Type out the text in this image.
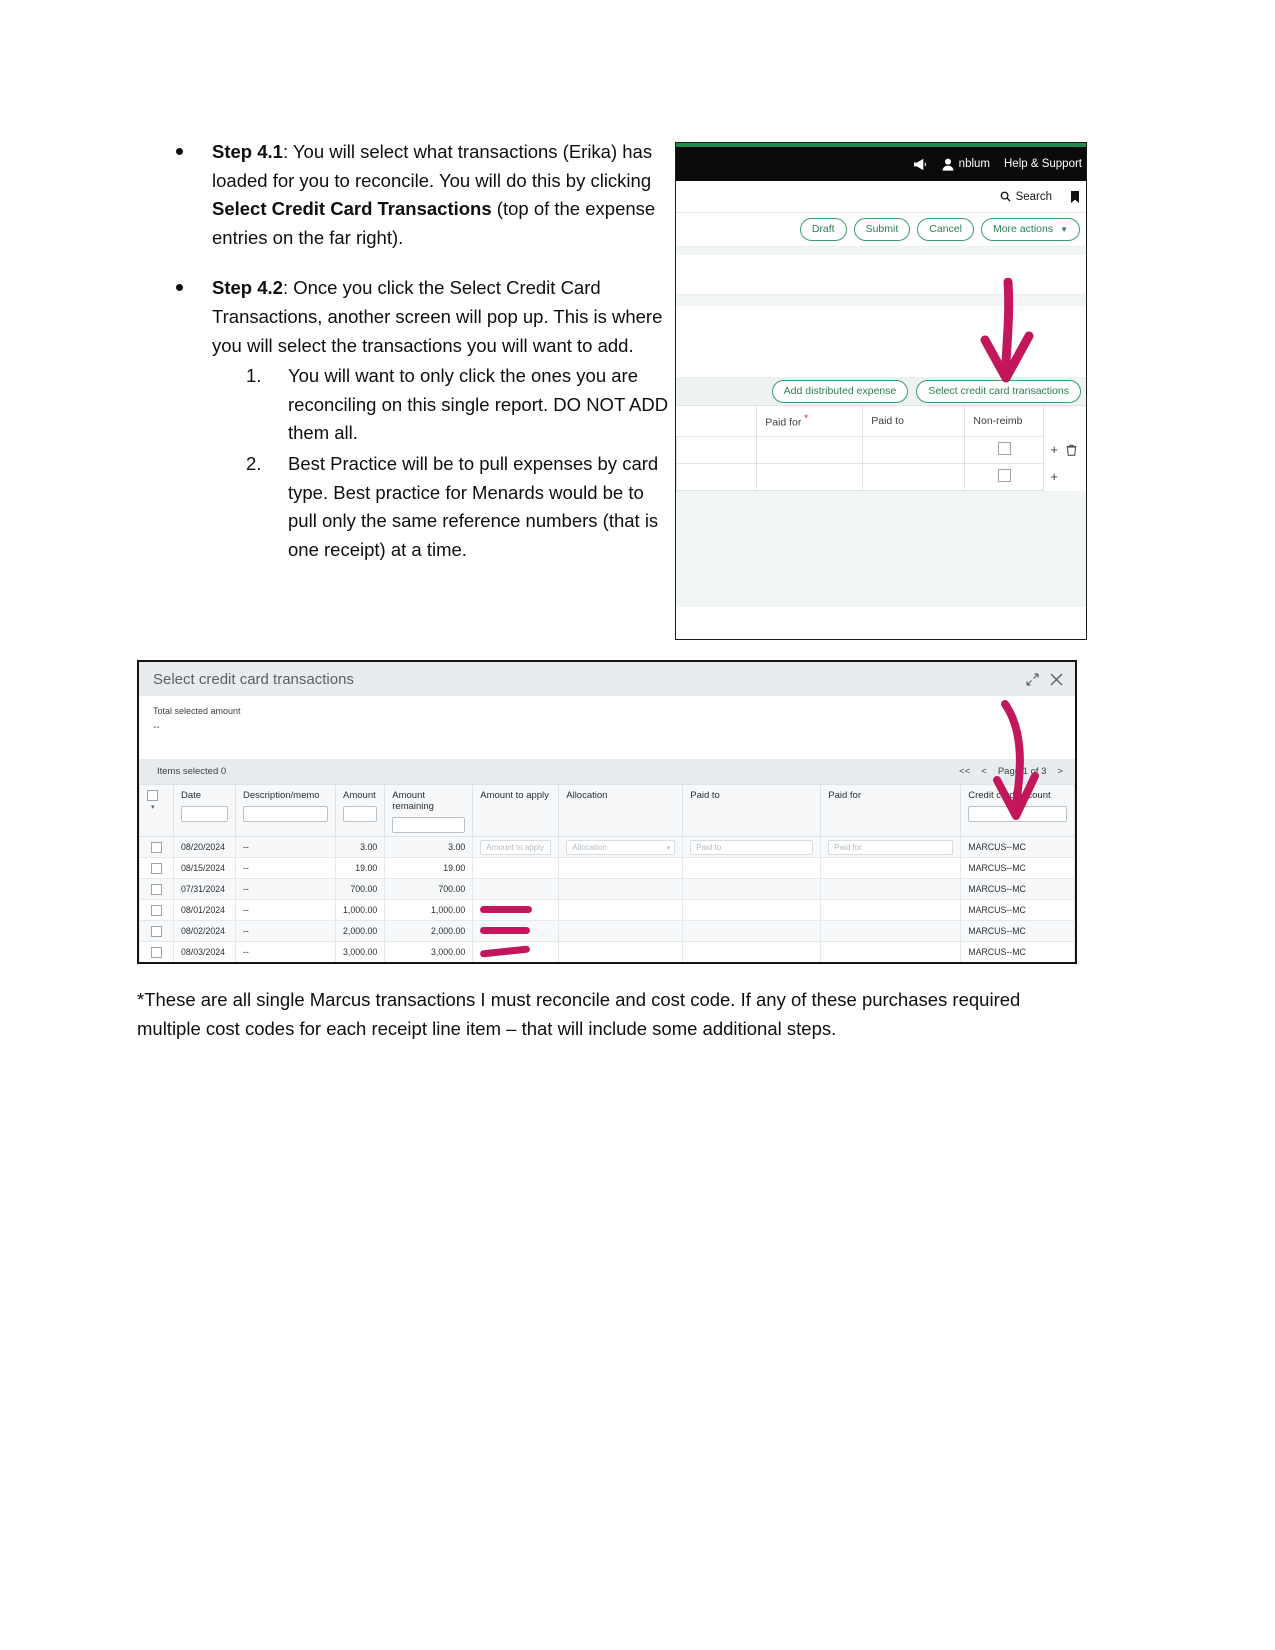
Step 4.1: You will select what transactions (Erika) has loaded for you to reconcile. You will do this by clicking Select Credit Card Transactions (top of the expense entries on the far right).
Step 4.2: Once you click the Select Credit Card Transactions, another screen will pop up. This is where you will select the transactions you will want to add.
1.	You will want to only click the ones you are reconciling on this single report. DO NOT ADD them all.
2.	Best Practice will be to pull expenses by card type. Best practice for Menards would be to pull only the same reference numbers (that is one receipt) at a time.
nblum Help & Support
Search
Draft	Submit	Cancel	More actions ▼
Add distributed expense	Select credit card transactions
	Paid for *	Paid to	Non-reimb	

				+

				+
Select credit card transactions
Total selected amount
--
Items selected 0	<< < Page 1 of 3 >
▾	Date	Description/memo	Amount	Amount remaining	Amount to apply	Allocation	Paid to	Paid for	Credit card account

	08/20/2024	--	3.00	3.00	Amount to apply	Allocation ▾	Paid to	Paid for	MARCUS--MC
	08/15/2024	--	19.00	19.00					MARCUS--MC
	07/31/2024	--	700.00	700.00					MARCUS--MC
	08/01/2024	--	1,000.00	1,000.00					MARCUS--MC
	08/02/2024	--	2,000.00	2,000.00					MARCUS--MC
	08/03/2024	--	3,000.00	3,000.00					MARCUS--MC
*These are all single Marcus transactions I must reconcile and cost code. If any of these purchases required multiple cost codes for each receipt line item – that will include some additional steps.
